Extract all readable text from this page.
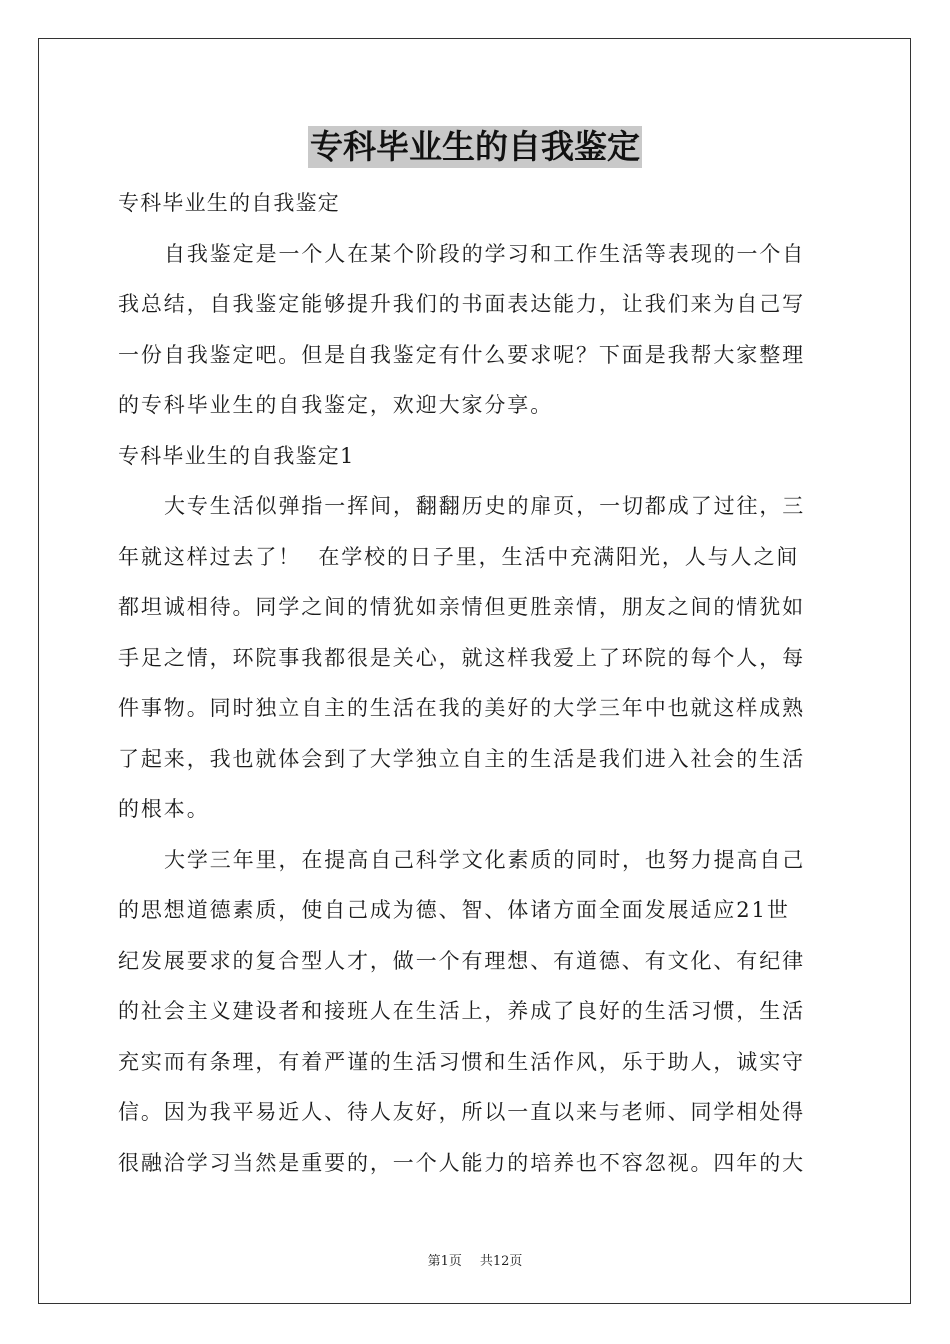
专科毕业生的自我鉴定
专科毕业生的自我鉴定
自我鉴定是一个人在某个阶段的学习和工作生活等表现的一个自
我总结，自我鉴定能够提升我们的书面表达能力，让我们来为自己写
一份自我鉴定吧。但是自我鉴定有什么要求呢？下面是我帮大家整理
的专科毕业生的自我鉴定，欢迎大家分享。
专科毕业生的自我鉴定1
大专生活似弹指一挥间，翻翻历史的扉页，一切都成了过往，三
年就这样过去了！  在学校的日子里，生活中充满阳光，人与人之间
都坦诚相待。同学之间的情犹如亲情但更胜亲情，朋友之间的情犹如
手足之情，环院事我都很是关心，就这样我爱上了环院的每个人，每
件事物。同时独立自主的生活在我的美好的大学三年中也就这样成熟
了起来，我也就体会到了大学独立自主的生活是我们进入社会的生活
的根本。
大学三年里，在提高自己科学文化素质的同时，也努力提高自己
的思想道德素质，使自己成为德、智、体诸方面全面发展适应21世
纪发展要求的复合型人才，做一个有理想、有道德、有文化、有纪律
的社会主义建设者和接班人在生活上，养成了良好的生活习惯，生活
充实而有条理，有着严谨的生活习惯和生活作风，乐于助人，诚实守
信。因为我平易近人、待人友好，所以一直以来与老师、同学相处得
很融洽学习当然是重要的，一个人能力的培养也不容忽视。四年的大
第1页 共12页
